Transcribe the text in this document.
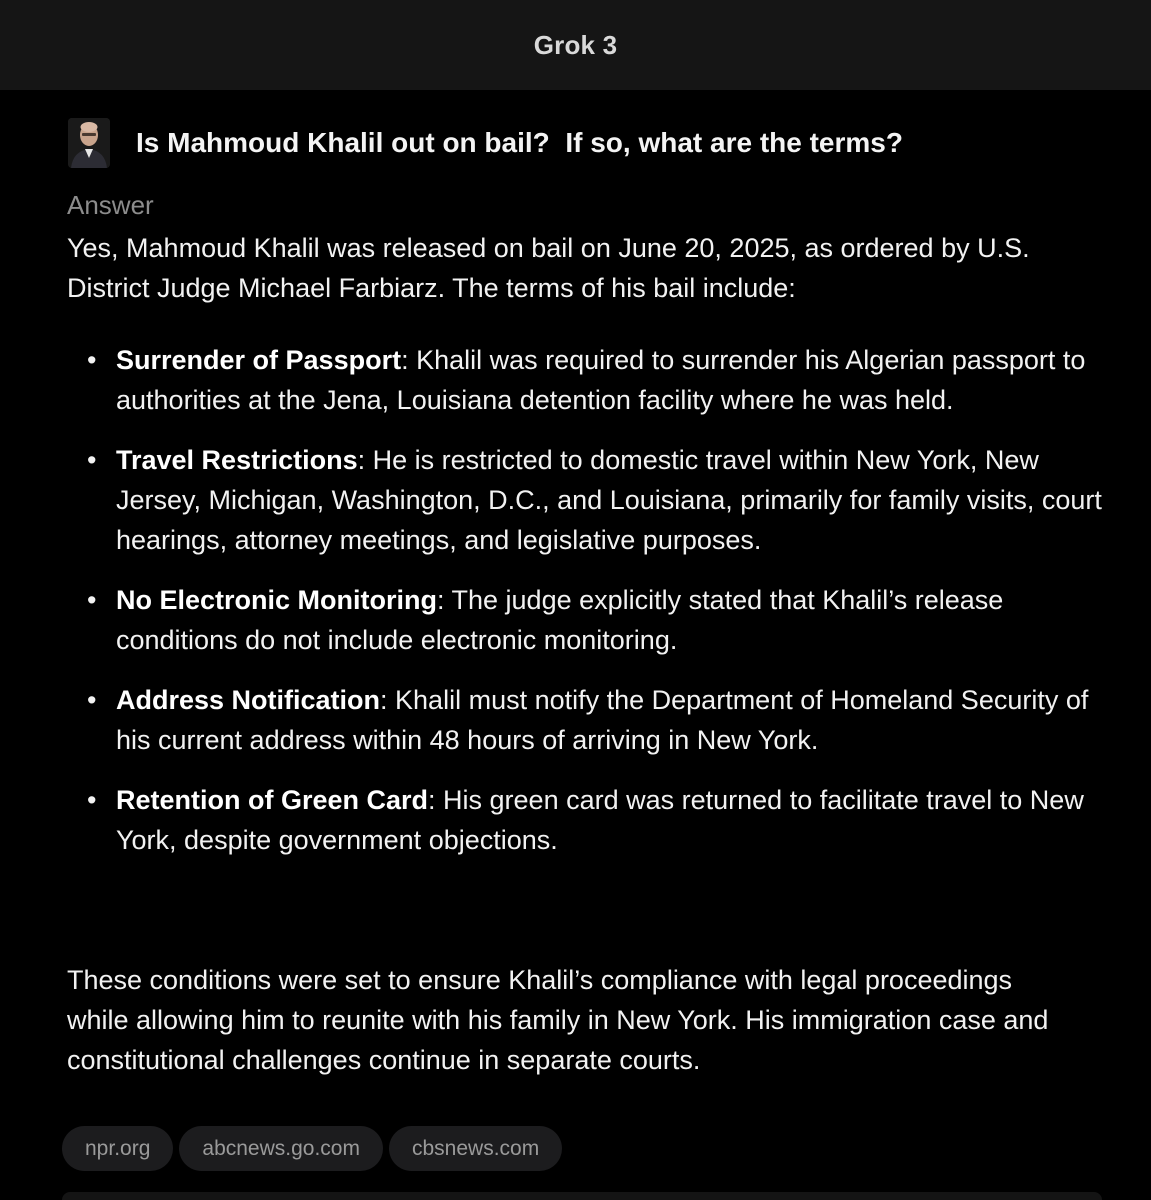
Grok 3
Is Mahmoud Khalil out on bail?  If so, what are the terms?
Answer
Yes, Mahmoud Khalil was released on bail on June 20, 2025, as ordered by U.S. District Judge Michael Farbiarz. The terms of his bail include:
• Surrender of Passport: Khalil was required to surrender his Algerian passport to authorities at the Jena, Louisiana detention facility where he was held.
• Travel Restrictions: He is restricted to domestic travel within New York, New Jersey, Michigan, Washington, D.C., and Louisiana, primarily for family visits, court hearings, attorney meetings, and legislative purposes.
• No Electronic Monitoring: The judge explicitly stated that Khalil’s release conditions do not include electronic monitoring.
• Address Notification: Khalil must notify the Department of Homeland Security of his current address within 48 hours of arriving in New York.
• Retention of Green Card: His green card was returned to facilitate travel to New York, despite government objections.
These conditions were set to ensure Khalil’s compliance with legal proceedings while allowing him to reunite with his family in New York. His immigration case and constitutional challenges continue in separate courts.
npr.org	abcnews.go.com	cbsnews.com
